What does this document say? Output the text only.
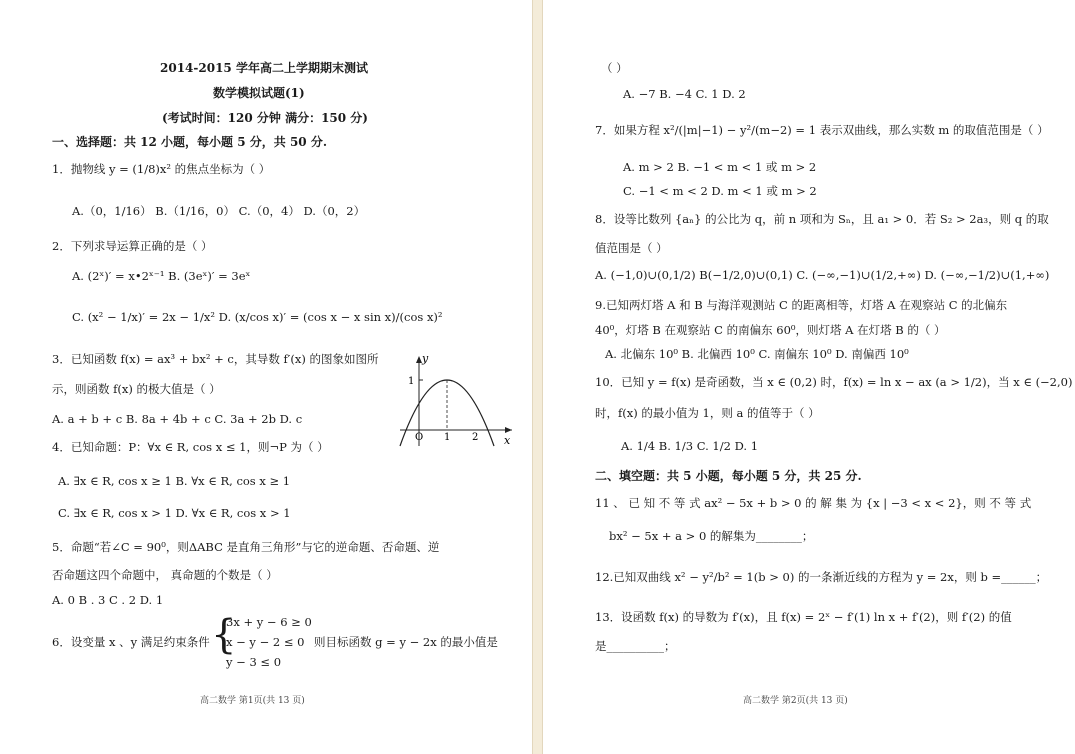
2014-2015 学年高二上学期期末测试
数学模拟试题(1)
(考试时间：120 分钟 满分：150 分)
一、选择题：共 12 小题，每小题 5 分，共 50 分.
1．抛物线 y = (1/8)x² 的焦点坐标为（ ）
A.（0，1/16） B.（1/16，0） C.（0，4） D.（0，2）
2．下列求导运算正确的是（ ）
A. (2ˣ)′ = x•2ˣ⁻¹ B. (3eˣ)′ = 3eˣ
C. (x² − 1/x)′ = 2x − 1/x² D. (x/cos x)′ = (cos x − x sin x)/(cos x)²
3．已知函数 f(x) = ax³ + bx² + c，其导数 f′(x) 的图象如图所
示，则函数 f(x) 的极大值是（ ）
A. a + b + c B. 8a + 4b + c C. 3a + 2b D. c
4．已知命题：P：∀x ∈ R, cos x ≤ 1，则¬P 为（ ）
A. ∃x ∈ R, cos x ≥ 1 B. ∀x ∈ R, cos x ≥ 1
C. ∃x ∈ R, cos x > 1 D. ∀x ∈ R, cos x > 1
5．命题“若∠C = 90⁰，则ΔABC 是直角三角形”与它的逆命题、否命题、逆
否命题这四个命题中， 真命题的个数是（ ）
A. 0 B . 3 C . 2 D. 1
6．设变量 x 、y 满足约束条件 {
3x + y − 6 ≥ 0
x − y − 2 ≤ 0
y − 3 ≤ 0
则目标函数 g = y − 2x 的最小值是
y
x
O 1 2
1
高二数学 第1页(共 13 页)
（ ）
A. −7 B. −4 C. 1 D. 2
7．如果方程 x²/(|m|−1) − y²/(m−2) = 1 表示双曲线，那么实数 m 的取值范围是（ ）
A. m > 2 B. −1 < m < 1 或 m > 2
C. −1 < m < 2 D. m < 1 或 m > 2
8．设等比数列 {aₙ} 的公比为 q，前 n 项和为 Sₙ，且 a₁ > 0．若 S₂ > 2a₃，则 q 的取
值范围是（ ）
A. (−1,0)∪(0,1/2) B(−1/2,0)∪(0,1) C. (−∞,−1)∪(1/2,+∞) D. (−∞,−1/2)∪(1,+∞)
9.已知两灯塔 A 和 B 与海洋观测站 C 的距离相等，灯塔 A 在观察站 C 的北偏东
40⁰，灯塔 B 在观察站 C 的南偏东 60⁰，则灯塔 A 在灯塔 B 的（ ）
A. 北偏东 10⁰ B. 北偏西 10⁰ C. 南偏东 10⁰ D. 南偏西 10⁰
10．已知 y = f(x) 是奇函数，当 x ∈ (0,2) 时，f(x) = ln x − ax (a > 1/2)，当 x ∈ (−2,0)
时，f(x) 的最小值为 1，则 a 的值等于（ ）
A. 1/4 B. 1/3 C. 1/2 D. 1
二、填空题：共 5 小题，每小题 5 分，共 25 分.
11 、 已 知 不 等 式 ax² − 5x + b > 0 的 解 集 为 {x | −3 < x < 2}，则 不 等 式
bx² − 5x + a > 0 的解集为________；
12.已知双曲线 x² − y²/b² = 1(b > 0) 的一条渐近线的方程为 y = 2x，则 b =______；
13．设函数 f(x) 的导数为 f′(x)，且 f(x) = 2ˣ − f′(1) ln x + f′(2)，则 f′(2) 的值
是__________；
高二数学 第2页(共 13 页)
